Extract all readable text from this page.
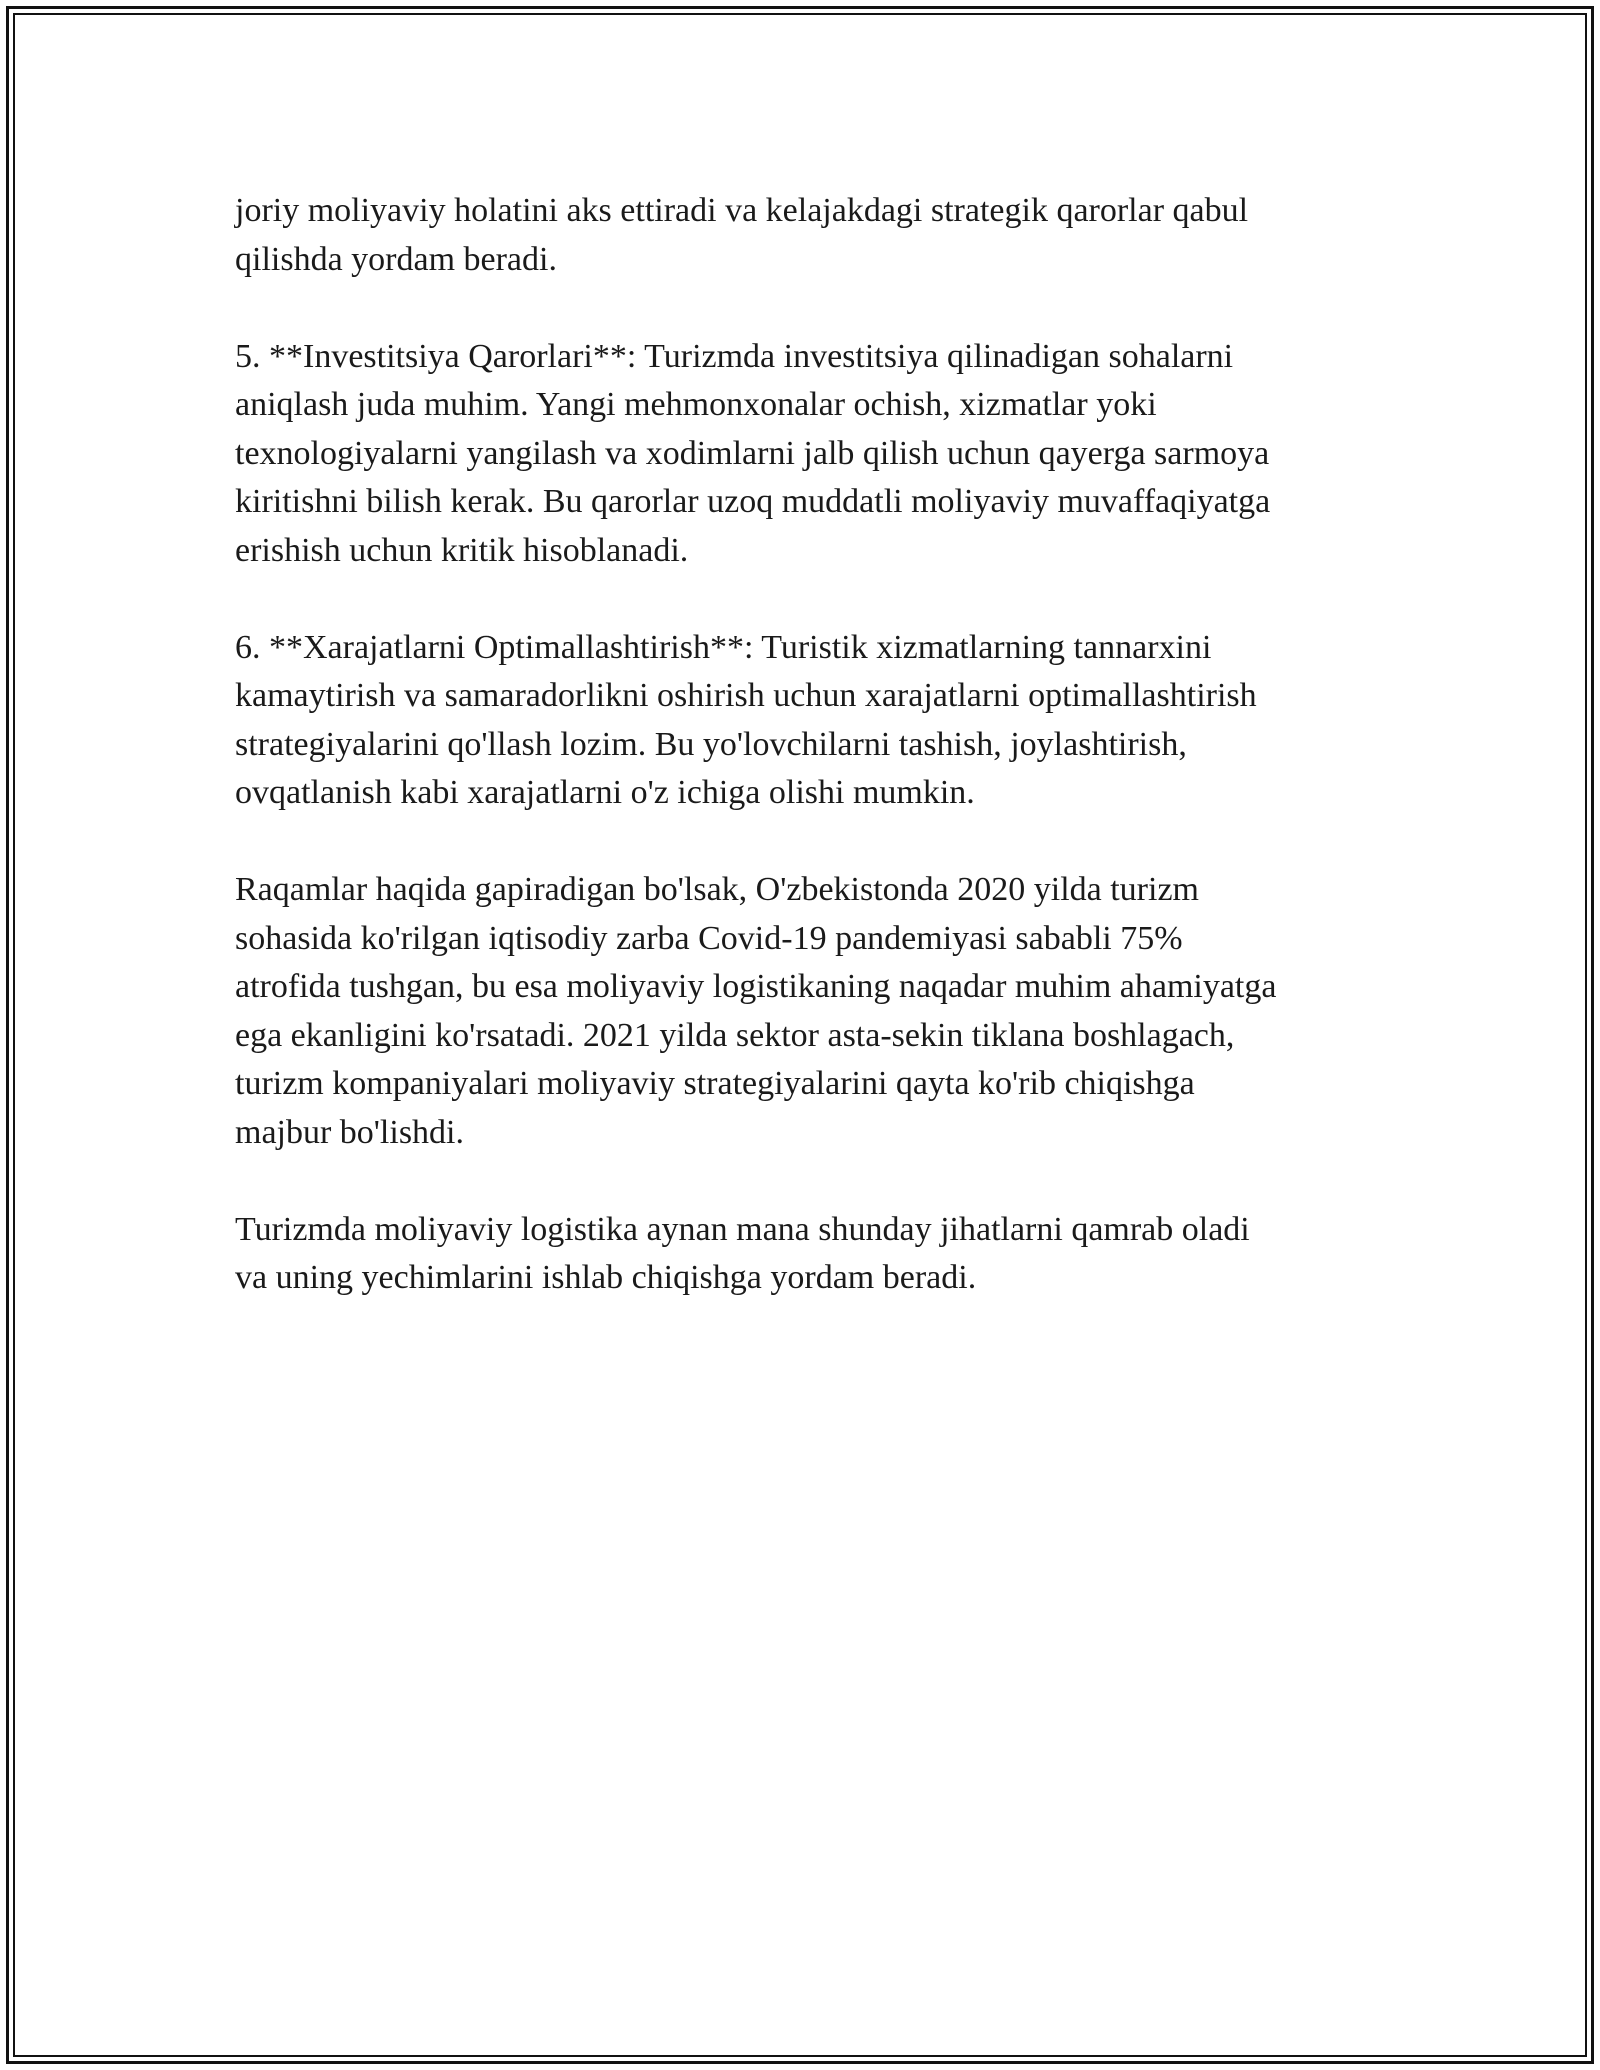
joriy moliyaviy holatini aks ettiradi va kelajakdagi strategik qarorlar qabul
qilishda yordam beradi.

5. **Investitsiya Qarorlari**: Turizmda investitsiya qilinadigan sohalarni
aniqlash juda muhim. Yangi mehmonxonalar ochish, xizmatlar yoki
texnologiyalarni yangilash va xodimlarni jalb qilish uchun qayerga sarmoya
kiritishni bilish kerak. Bu qarorlar uzoq muddatli moliyaviy muvaffaqiyatga
erishish uchun kritik hisoblanadi.

6. **Xarajatlarni Optimallashtirish**: Turistik xizmatlarning tannarxini
kamaytirish va samaradorlikni oshirish uchun xarajatlarni optimallashtirish
strategiyalarini qo'llash lozim. Bu yo'lovchilarni tashish, joylashtirish,
ovqatlanish kabi xarajatlarni o'z ichiga olishi mumkin.

Raqamlar haqida gapiradigan bo'lsak, O'zbekistonda 2020 yilda turizm
sohasida ko'rilgan iqtisodiy zarba Covid-19 pandemiyasi sababli 75%
atrofida tushgan, bu esa moliyaviy logistikaning naqadar muhim ahamiyatga
ega ekanligini ko'rsatadi. 2021 yilda sektor asta-sekin tiklana boshlagach,
turizm kompaniyalari moliyaviy strategiyalarini qayta ko'rib chiqishga
majbur bo'lishdi.

Turizmda moliyaviy logistika aynan mana shunday jihatlarni qamrab oladi
va uning yechimlarini ishlab chiqishga yordam beradi.
